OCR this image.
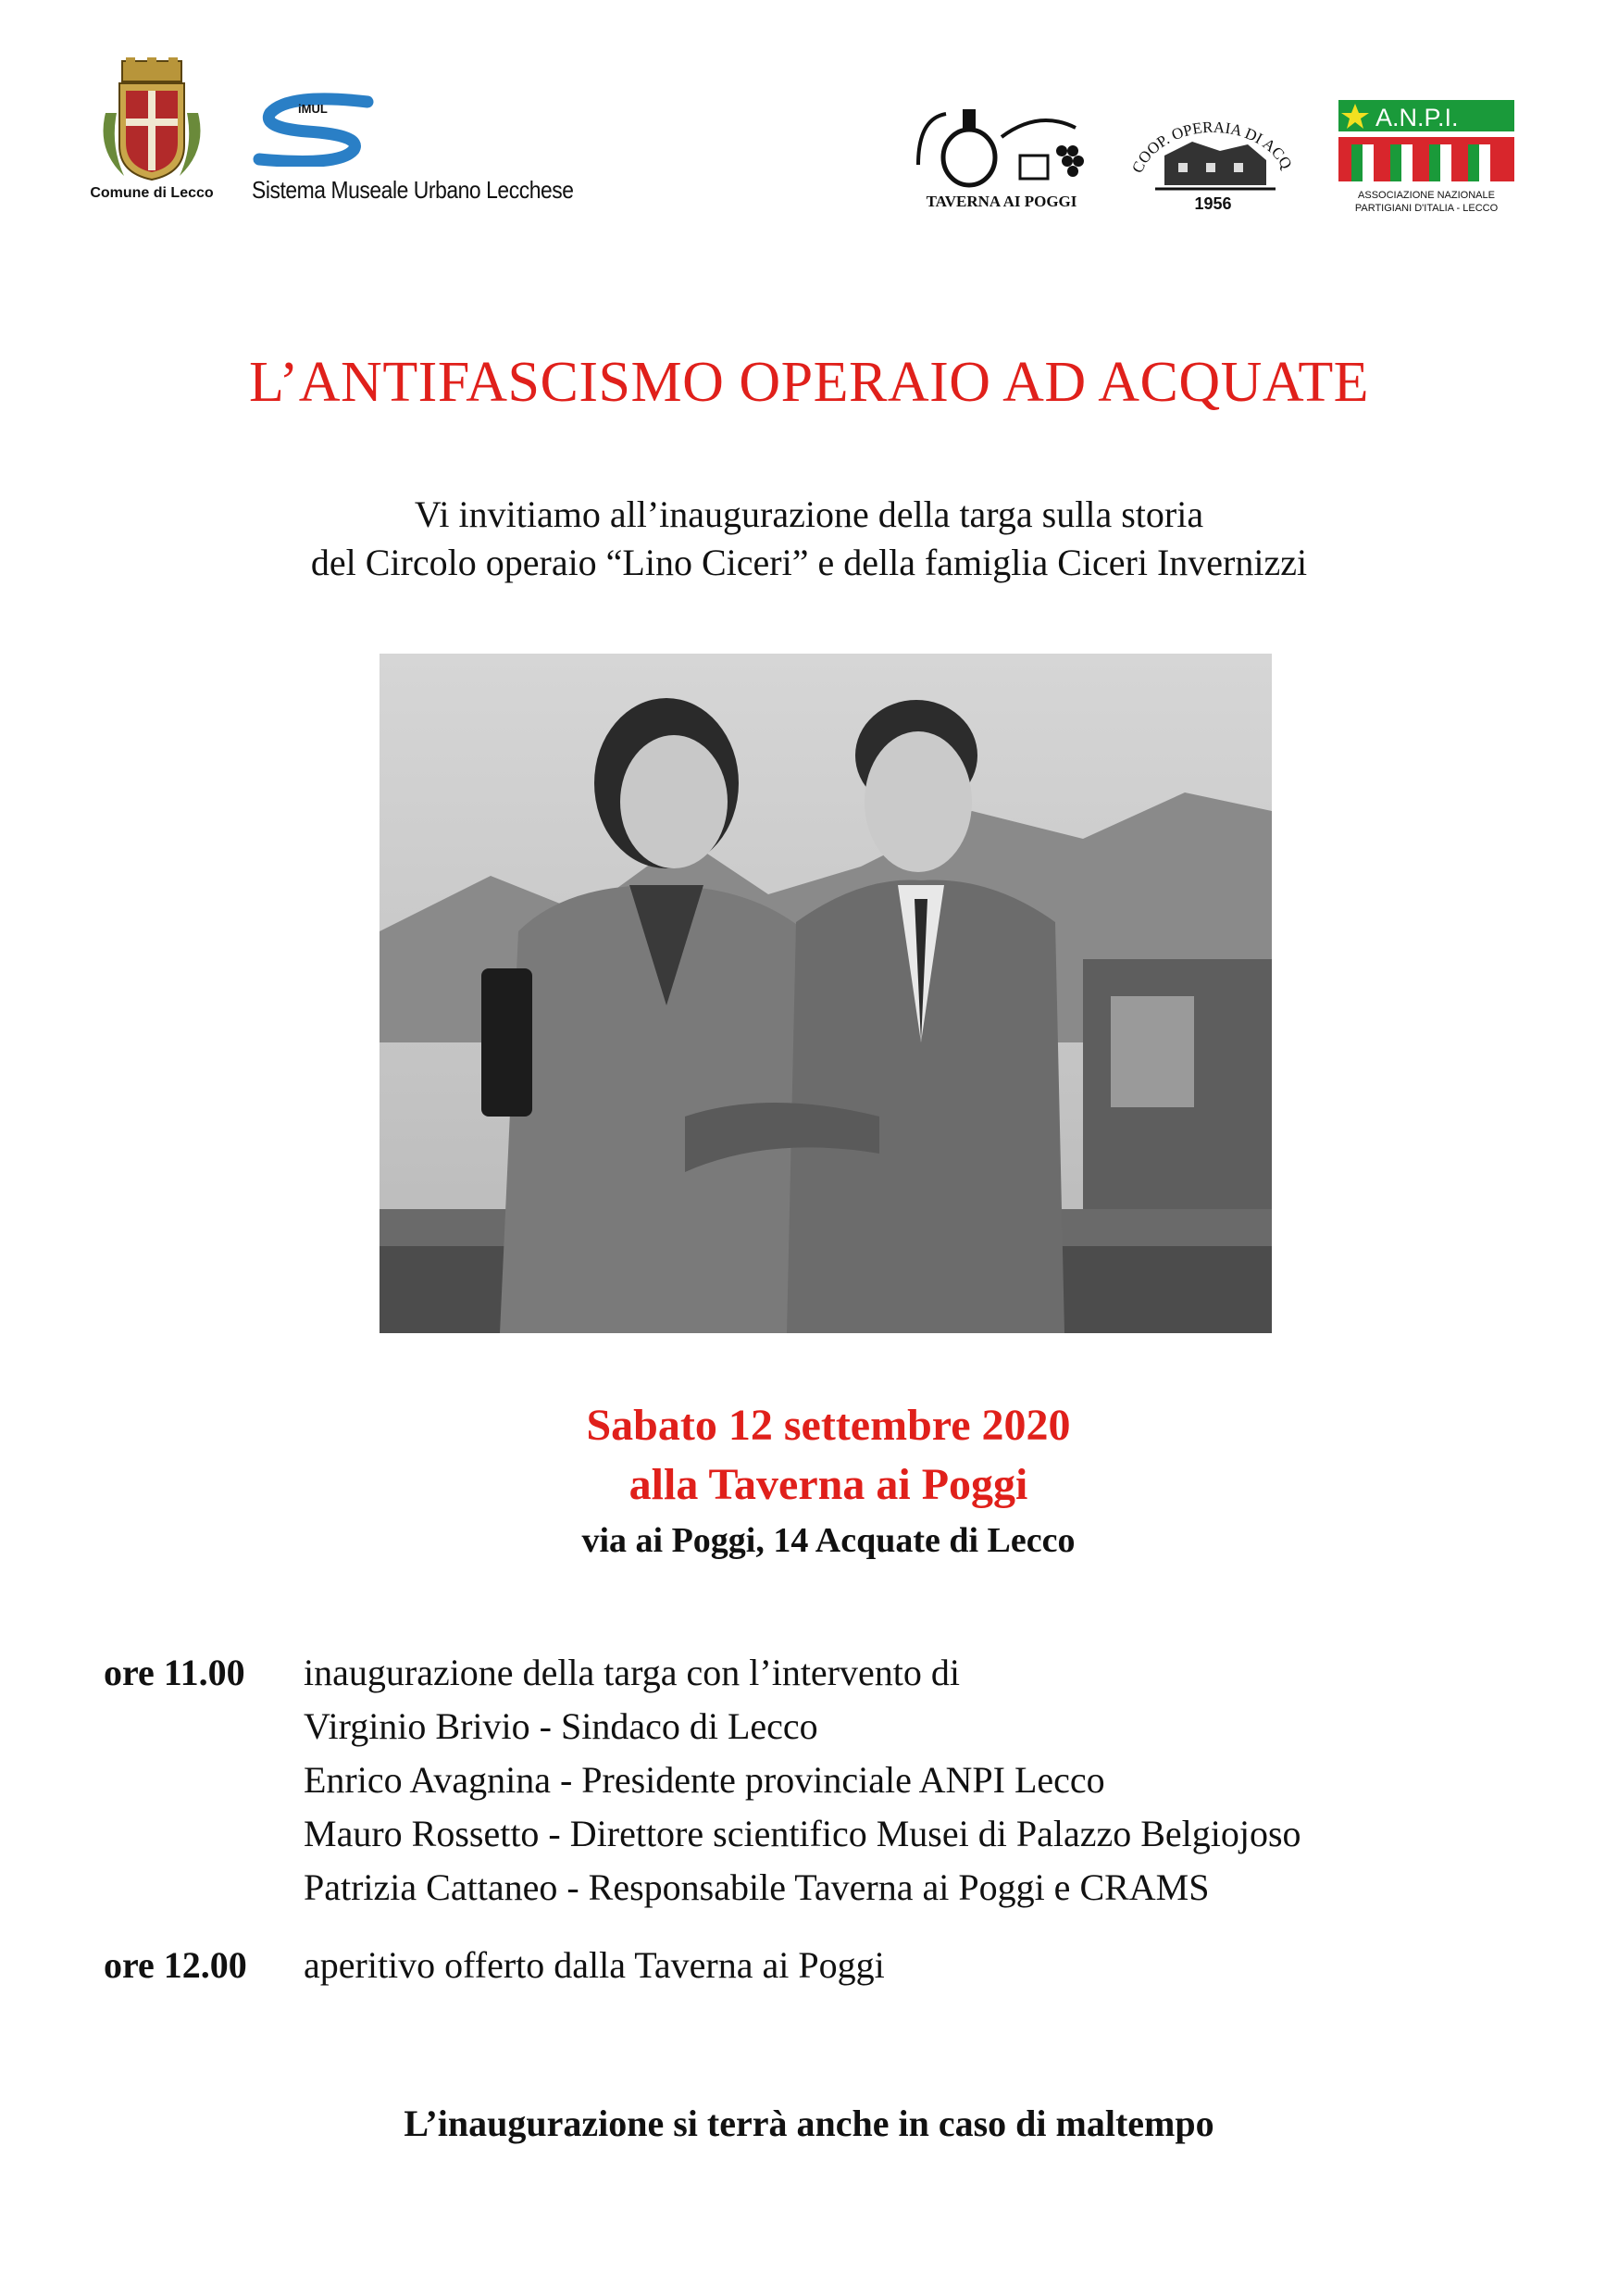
Comune di Lecco
iMUL
Sistema Museale Urbano Lecchese	TAVERNA AI POGGI
COOP. OPERAIA DI ACQ
1956
A.N.P.I.
ASSOCIAZIONE NAZIONALE
PARTIGIANI D'ITALIA - LECCO
L’ANTIFASCISMO OPERAIO AD ACQUATE
Vi invitiamo all’inaugurazione della targa sulla storia
del Circolo operaio “Lino Ciceri” e della famiglia Ciceri Invernizzi
Sabato 12 settembre 2020
alla Taverna ai Poggi
via ai Poggi, 14 Acquate di Lecco
ore 11.00 inaugurazione della targa con l’intervento di
Virginio Brivio - Sindaco di Lecco
Enrico Avagnina - Presidente provinciale ANPI Lecco
Mauro Rossetto - Direttore scientifico Musei di Palazzo Belgiojoso
Patrizia Cattaneo - Responsabile Taverna ai Poggi e CRAMS
ore 12.00 aperitivo offerto dalla Taverna ai Poggi
L’inaugurazione si terrà anche in caso di maltempo
